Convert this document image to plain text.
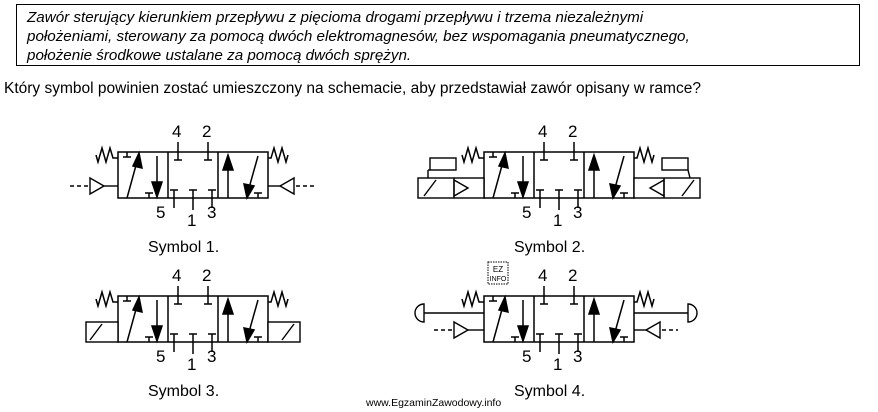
Zawór sterujący kierunkiem przepływu z pięcioma drogami przepływu i trzema niezależnymi
położeniami, sterowany za pomocą dwóch elektromagnesów, bez wspomagania pneumatycznego,
położenie środkowe ustalane za pomocą dwóch sprężyn.
Który symbol powinien zostać umieszczony na schemacie, aby przedstawiał zawór opisany w ramce?
EZ
INFO
4 2
5 1 3
4 2
5 1 3
4 2
5 1 3
4 2
5 1 3
Symbol 1.	Symbol 2.
Symbol 3.	Symbol 4.
www.EgzaminZawodowy.info
